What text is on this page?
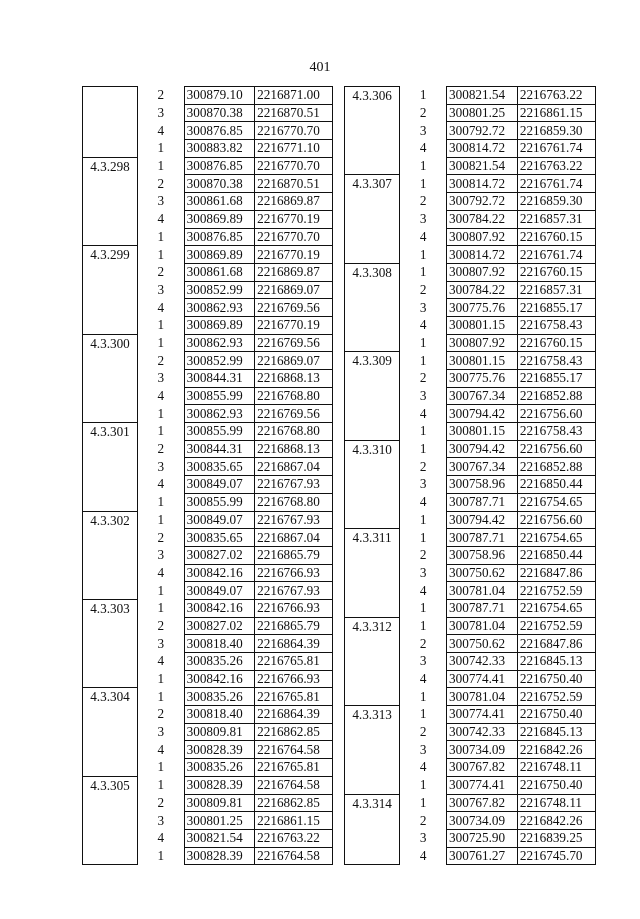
401
	2	300879.10	2216871.00
	3	300870.38	2216870.51
	4	300876.85	2216770.70
	1	300883.82	2216771.10
4.3.298	1	300876.85	2216770.70
	2	300870.38	2216870.51
	3	300861.68	2216869.87
	4	300869.89	2216770.19
	1	300876.85	2216770.70
4.3.299	1	300869.89	2216770.19
	2	300861.68	2216869.87
	3	300852.99	2216869.07
	4	300862.93	2216769.56
	1	300869.89	2216770.19
4.3.300	1	300862.93	2216769.56
	2	300852.99	2216869.07
	3	300844.31	2216868.13
	4	300855.99	2216768.80
	1	300862.93	2216769.56
4.3.301	1	300855.99	2216768.80
	2	300844.31	2216868.13
	3	300835.65	2216867.04
	4	300849.07	2216767.93
	1	300855.99	2216768.80
4.3.302	1	300849.07	2216767.93
	2	300835.65	2216867.04
	3	300827.02	2216865.79
	4	300842.16	2216766.93
	1	300849.07	2216767.93
4.3.303	1	300842.16	2216766.93
	2	300827.02	2216865.79
	3	300818.40	2216864.39
	4	300835.26	2216765.81
	1	300842.16	2216766.93
4.3.304	1	300835.26	2216765.81
	2	300818.40	2216864.39
	3	300809.81	2216862.85
	4	300828.39	2216764.58
	1	300835.26	2216765.81
4.3.305	1	300828.39	2216764.58
	2	300809.81	2216862.85
	3	300801.25	2216861.15
	4	300821.54	2216763.22
	1	300828.39	2216764.58
4.3.306	1	300821.54	2216763.22
	2	300801.25	2216861.15
	3	300792.72	2216859.30
	4	300814.72	2216761.74
	1	300821.54	2216763.22
4.3.307	1	300814.72	2216761.74
	2	300792.72	2216859.30
	3	300784.22	2216857.31
	4	300807.92	2216760.15
	1	300814.72	2216761.74
4.3.308	1	300807.92	2216760.15
	2	300784.22	2216857.31
	3	300775.76	2216855.17
	4	300801.15	2216758.43
	1	300807.92	2216760.15
4.3.309	1	300801.15	2216758.43
	2	300775.76	2216855.17
	3	300767.34	2216852.88
	4	300794.42	2216756.60
	1	300801.15	2216758.43
4.3.310	1	300794.42	2216756.60
	2	300767.34	2216852.88
	3	300758.96	2216850.44
	4	300787.71	2216754.65
	1	300794.42	2216756.60
4.3.311	1	300787.71	2216754.65
	2	300758.96	2216850.44
	3	300750.62	2216847.86
	4	300781.04	2216752.59
	1	300787.71	2216754.65
4.3.312	1	300781.04	2216752.59
	2	300750.62	2216847.86
	3	300742.33	2216845.13
	4	300774.41	2216750.40
	1	300781.04	2216752.59
4.3.313	1	300774.41	2216750.40
	2	300742.33	2216845.13
	3	300734.09	2216842.26
	4	300767.82	2216748.11
	1	300774.41	2216750.40
4.3.314	1	300767.82	2216748.11
	2	300734.09	2216842.26
	3	300725.90	2216839.25
	4	300761.27	2216745.70
